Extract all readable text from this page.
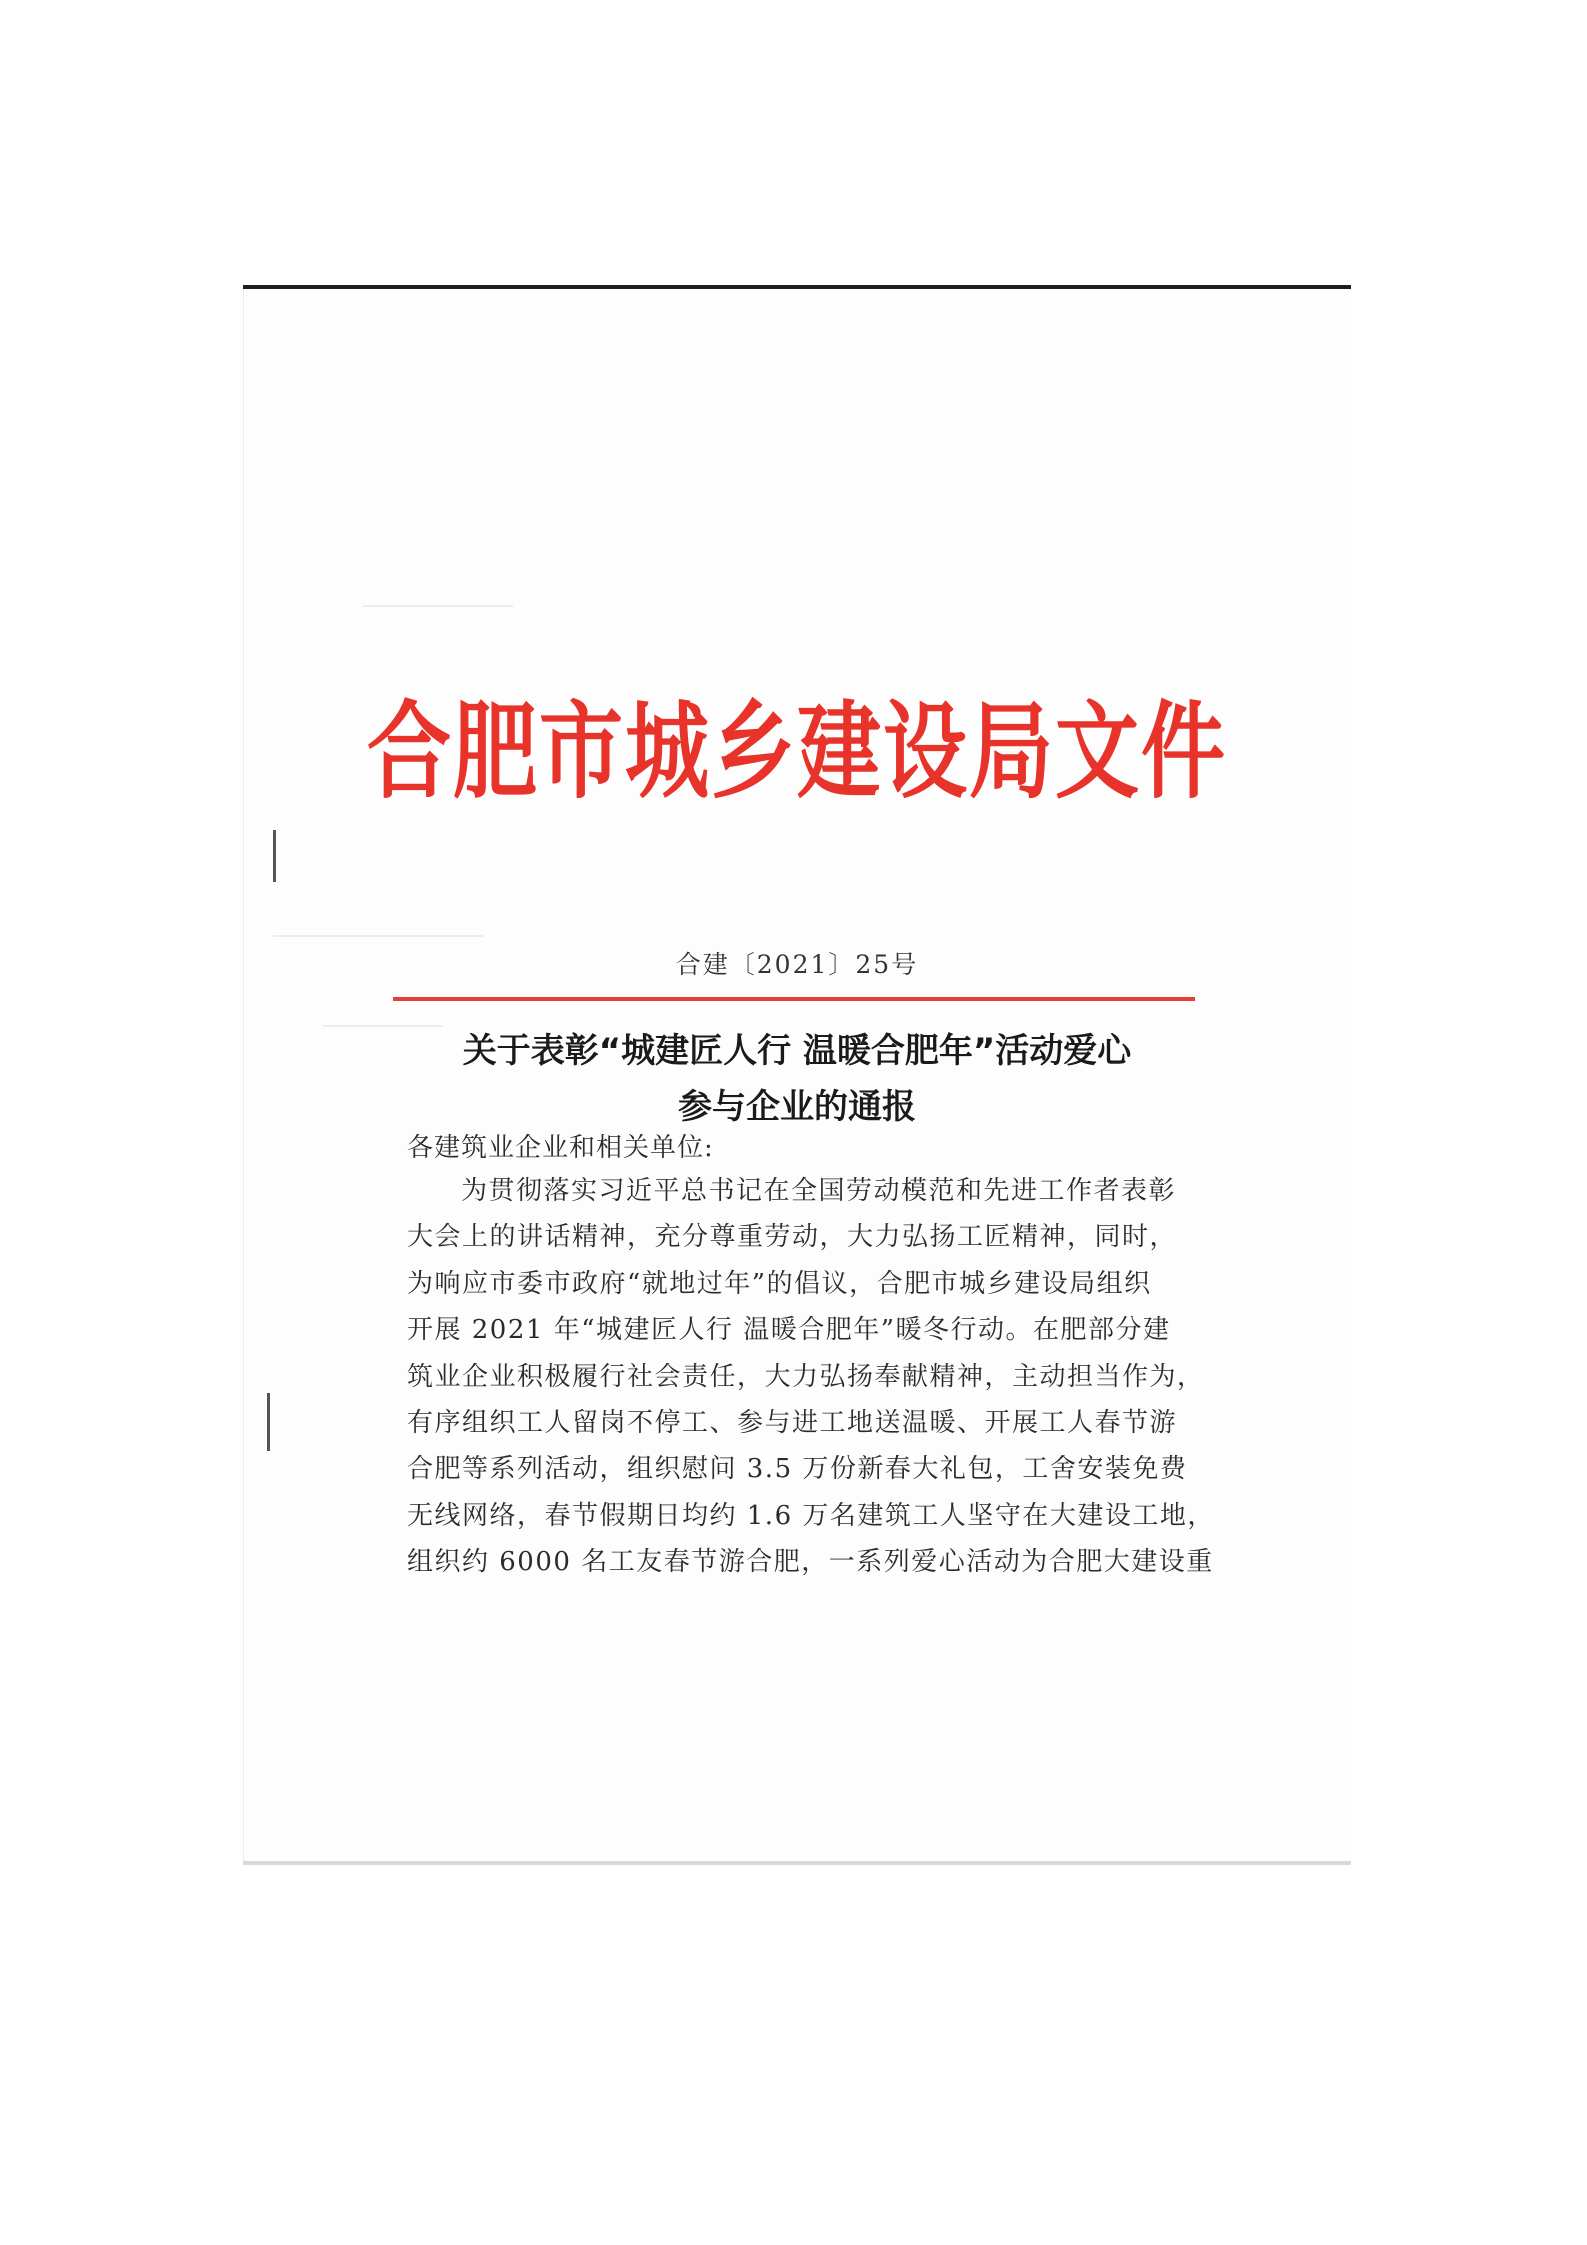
合肥市城乡建设局文件
合建〔2021〕25号
关于表彰“城建匠人行 温暖合肥年”活动爱心
参与企业的通报
各建筑业企业和相关单位:
为贯彻落实习近平总书记在全国劳动模范和先进工作者表彰
大会上的讲话精神，充分尊重劳动，大力弘扬工匠精神，同时，
为响应市委市政府“就地过年”的倡议，合肥市城乡建设局组织
开展 2021 年“城建匠人行 温暖合肥年”暖冬行动。在肥部分建
筑业企业积极履行社会责任，大力弘扬奉献精神，主动担当作为，
有序组织工人留岗不停工、参与进工地送温暖、开展工人春节游
合肥等系列活动，组织慰问 3.5 万份新春大礼包，工舍安装免费
无线网络，春节假期日均约 1.6 万名建筑工人坚守在大建设工地，
组织约 6000 名工友春节游合肥，一系列爱心活动为合肥大建设重
